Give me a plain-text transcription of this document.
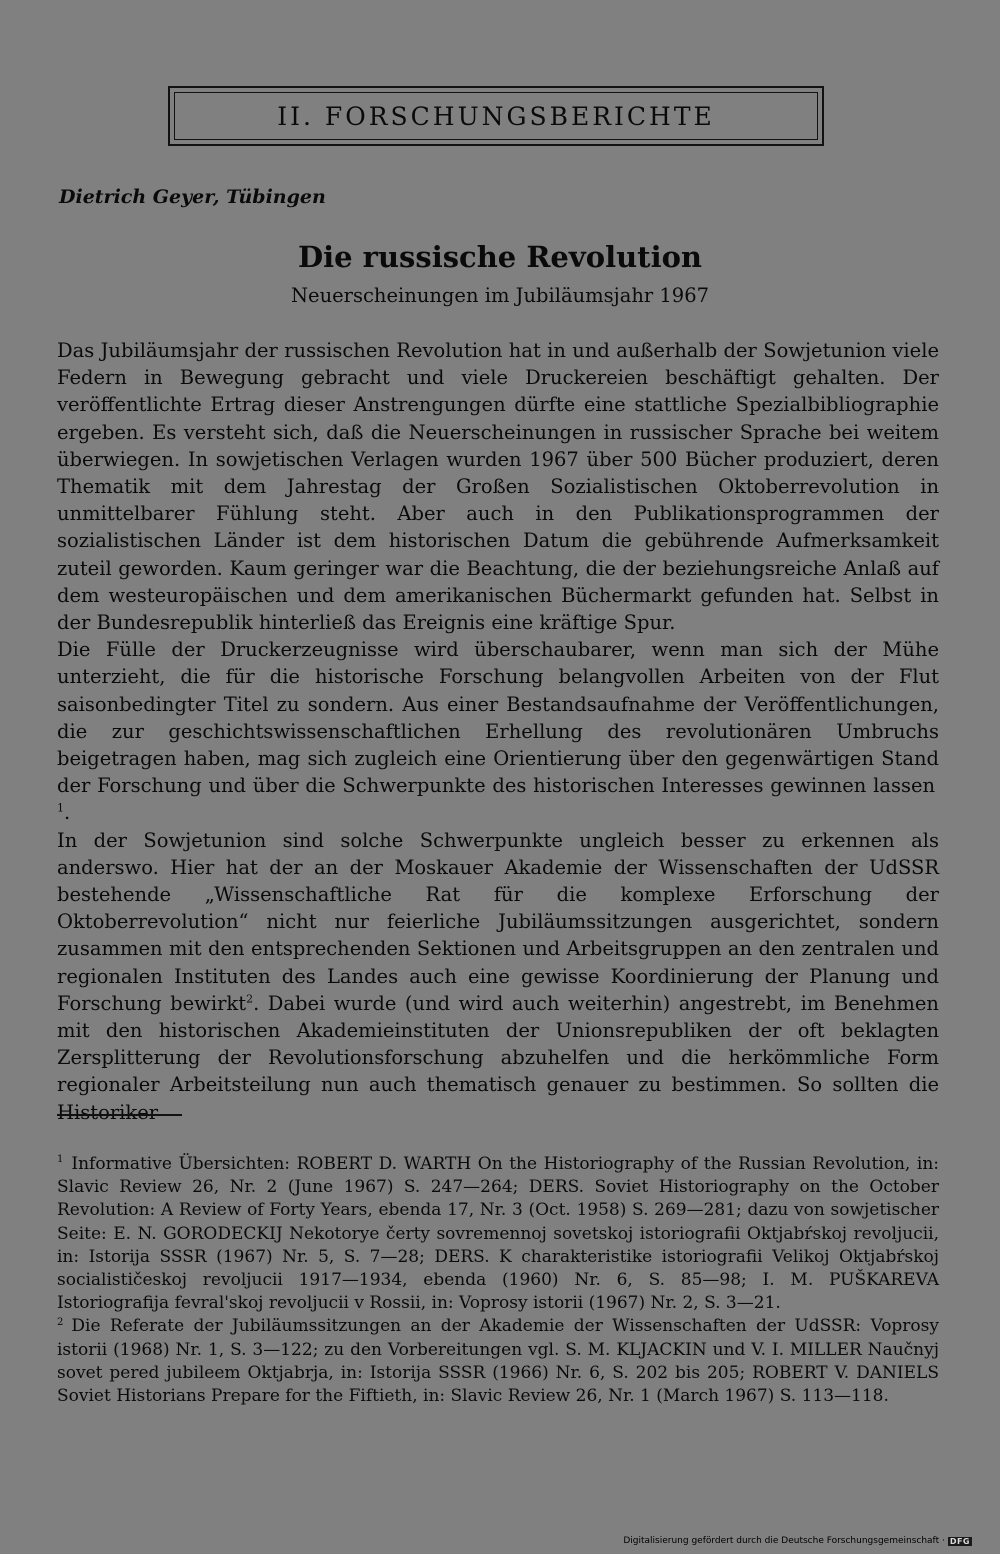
II. FORSCHUNGSBERICHTE
Dietrich Geyer, Tübingen
Die russische Revolution
Neuerscheinungen im Jubiläumsjahr 1967

Das Jubiläumsjahr der russischen Revolution hat in und außerhalb der Sowjetunion viele Federn in Bewegung gebracht und viele Druckereien beschäftigt gehalten. Der veröffentlichte Ertrag dieser Anstrengungen dürfte eine stattliche Spezialbibliographie ergeben. Es versteht sich, daß die Neuerscheinungen in russischer Sprache bei weitem überwiegen. In sowjetischen Verlagen wurden 1967 über 500 Bücher produziert, deren Thematik mit dem Jahrestag der Großen Sozialistischen Oktoberrevolution in unmittelbarer Fühlung steht. Aber auch in den Publikationsprogrammen der sozialistischen Länder ist dem historischen Datum die gebührende Aufmerksamkeit zuteil geworden. Kaum geringer war die Beachtung, die der beziehungsreiche Anlaß auf dem westeuropäischen und dem amerikanischen Büchermarkt gefunden hat. Selbst in der Bundesrepublik hinterließ das Ereignis eine kräftige Spur.

Die Fülle der Druckerzeugnisse wird überschaubarer, wenn man sich der Mühe unterzieht, die für die historische Forschung belangvollen Arbeiten von der Flut saisonbedingter Titel zu sondern. Aus einer Bestandsaufnahme der Veröffentlichungen, die zur geschichtswissenschaftlichen Erhellung des revolutionären Umbruchs beigetragen haben, mag sich zugleich eine Orientierung über den gegenwärtigen Stand der Forschung und über die Schwerpunkte des historischen Interesses gewinnen lassen $^1$.

In der Sowjetunion sind solche Schwerpunkte ungleich besser zu erkennen als anderswo. Hier hat der an der Moskauer Akademie der Wissenschaften der UdSSR bestehende „Wissenschaftliche Rat für die komplexe Erforschung der Oktoberrevolution“ nicht nur feierliche Jubiläumssitzungen ausgerichtet, sondern zusammen mit den entsprechenden Sektionen und Arbeitsgruppen an den zentralen und regionalen Instituten des Landes auch eine gewisse Koordinierung der Planung und Forschung bewirkt$^2$. Dabei wurde (und wird auch weiterhin) angestrebt, im Benehmen mit den historischen Akademieinstituten der Unionsrepubliken der oft beklagten Zersplitterung der Revolutionsforschung abzuhelfen und die herkömmliche Form regionaler Arbeitsteilung nun auch thematisch genauer zu bestimmen. So sollten die Historiker

$^1$ Informative Übersichten: ROBERT D. WARTH On the Historiography of the Russian Revolution, in: Slavic Review 26, Nr. 2 (June 1967) S. 247—264; DERS. Soviet Historiography on the October Revolution: A Review of Forty Years, ebenda 17, Nr. 3 (Oct. 1958) S. 269—281; dazu von sowjetischer Seite: E. N. GORODECKIJ Nekotorye čerty sovremennoj sovetskoj istoriografii Oktjabŕskoj revoljucii, in: Istorija SSSR (1967) Nr. 5, S. 7—28; DERS. K charakteristike istoriografii Velikoj Oktjabŕskoj socialističeskoj revoljucii 1917—1934, ebenda (1960) Nr. 6, S. 85—98; I. M. PUŠKAREVA Istoriografija fevral'skoj revoljucii v Rossii, in: Voprosy istorii (1967) Nr. 2, S. 3—21.

$^2$ Die Referate der Jubiläumssitzungen an der Akademie der Wissenschaften der UdSSR: Voprosy istorii (1968) Nr. 1, S. 3—122; zu den Vorbereitungen vgl. S. M. KLJACKIN und V. I. MILLER Naučnyj sovet pered jubileem Oktjabrja, in: Istorija SSSR (1966) Nr. 6, S. 202 bis 205; ROBERT V. DANIELS Soviet Historians Prepare for the Fiftieth, in: Slavic Review 26, Nr. 1 (March 1967) S. 113—118.

Digitalisierung gefördert durch die Deutsche Forschungsgemeinschaft · DFG
